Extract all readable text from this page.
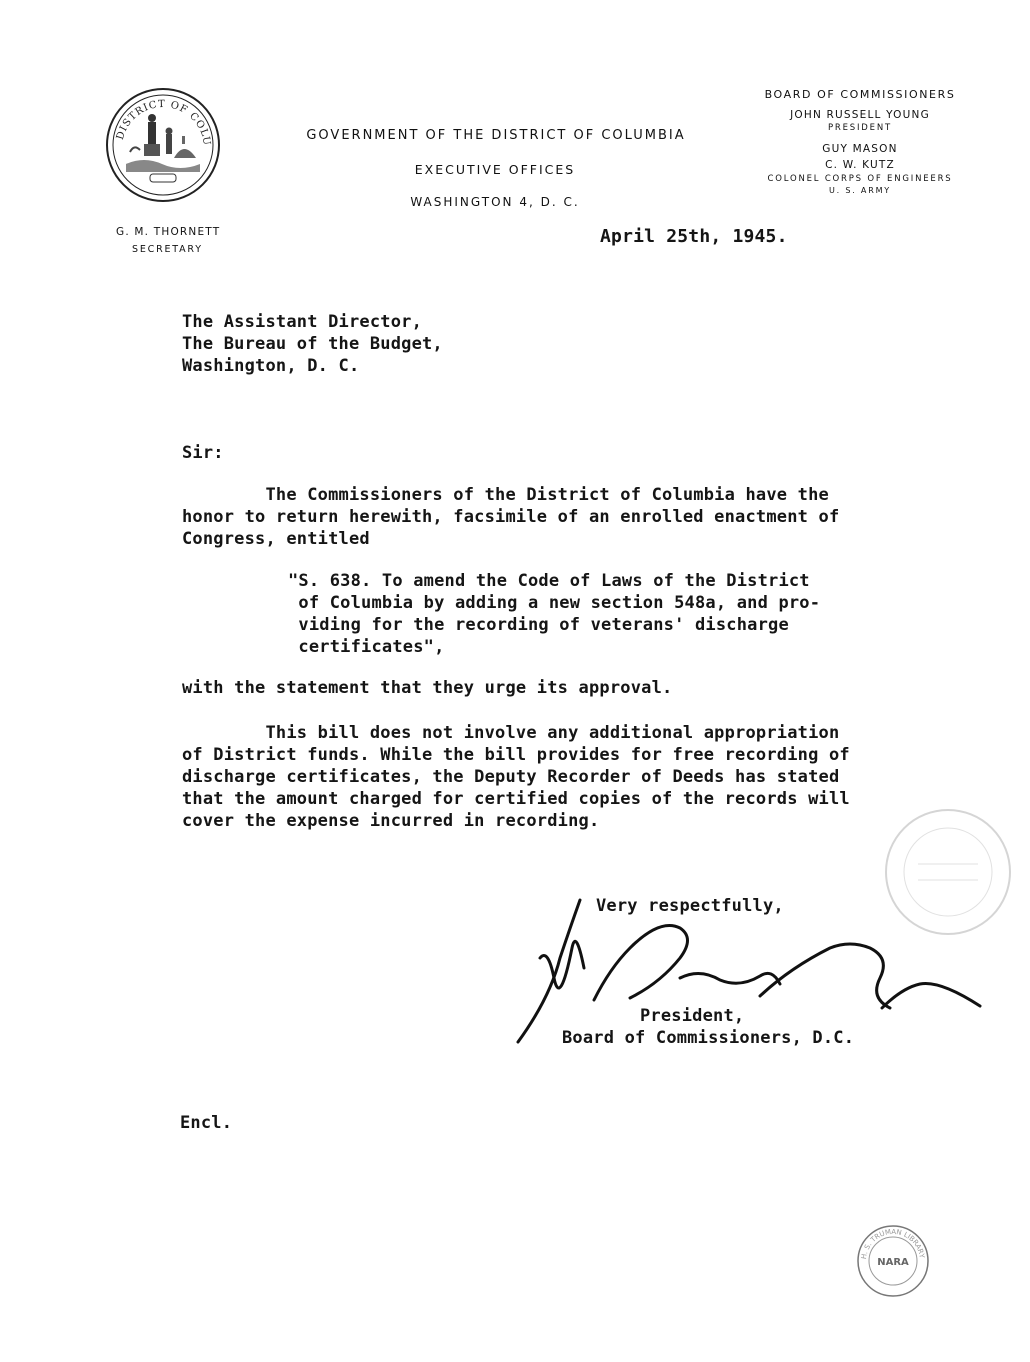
DISTRICT OF COLU	GOVERNMENT OF THE DISTRICT OF COLUMBIA
EXECUTIVE OFFICES
WASHINGTON 4, D. C.
G. M. THORNETT
SECRETARY
BOARD OF COMMISSIONERS
JOHN RUSSELL YOUNG
PRESIDENT
GUY MASON
C. W. KUTZ
COLONEL CORPS OF ENGINEERS
U. S. ARMY
April 25th, 1945.
The Assistant Director,
The Bureau of the Budget,
Washington, D. C.
Sir:
The Commissioners of the District of Columbia have the
honor to return herewith, facsimile of an enrolled enactment of
Congress, entitled
"S. 638. To amend the Code of Laws of the District
of Columbia by adding a new section 548a, and pro-
viding for the recording of veterans' discharge
certificates",
with the statement that they urge its approval.
This bill does not involve any additional appropriation
of District funds. While the bill provides for free recording of
discharge certificates, the Deputy Recorder of Deeds has stated
that the amount charged for certified copies of the records will
cover the expense incurred in recording.
Very respectfully,
President,
Board of Commissioners, D.C.
Encl.
H. S. TRUMAN LIBRARY
NARA
